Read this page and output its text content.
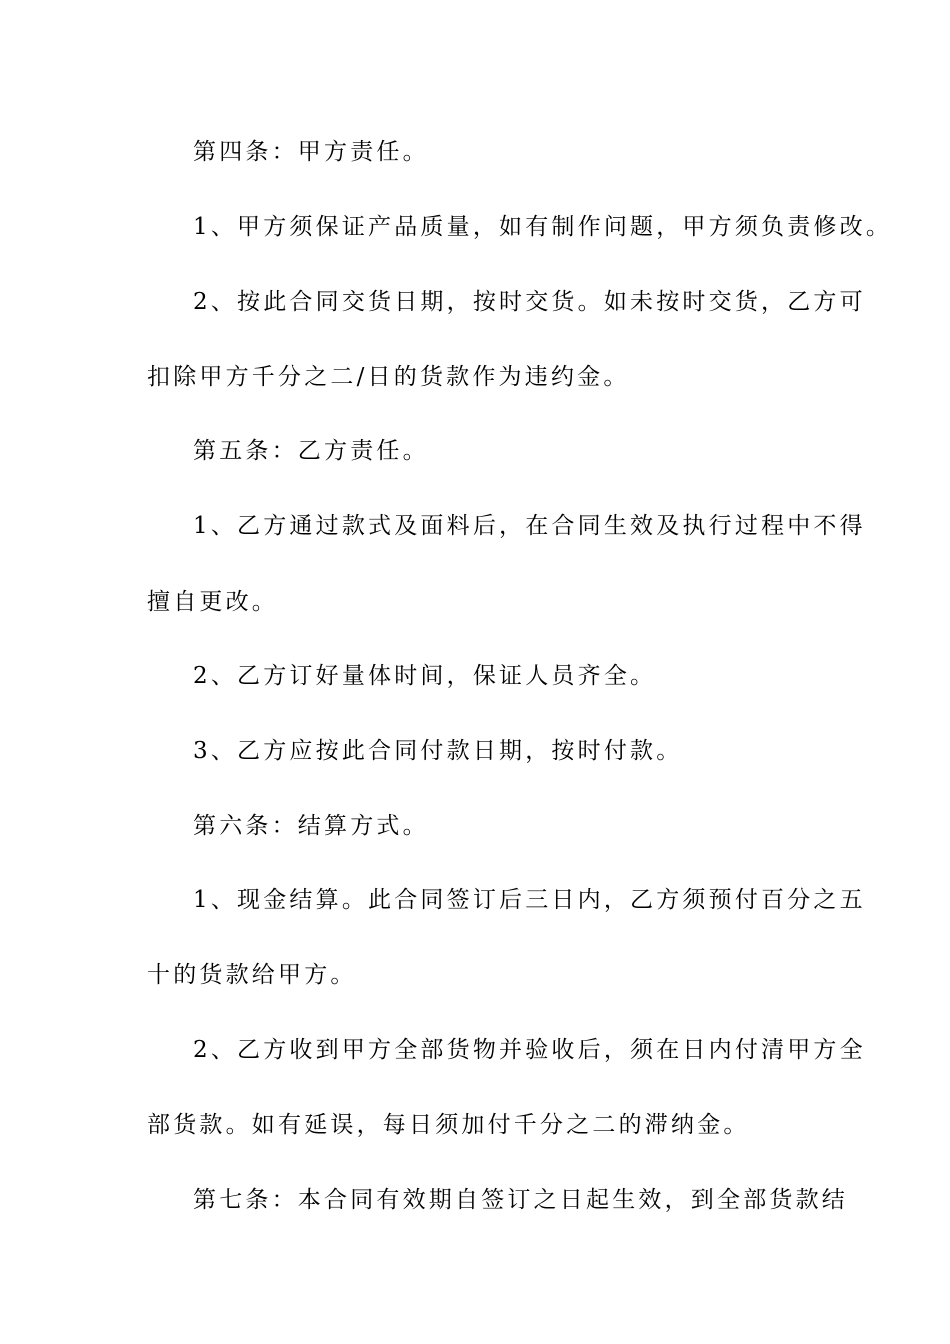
第四条：甲方责任。
1、甲方须保证产品质量，如有制作问题，甲方须负责修改。
2、按此合同交货日期，按时交货。如未按时交货，乙方可
扣除甲方千分之二/日的货款作为违约金。
第五条：乙方责任。
1、乙方通过款式及面料后，在合同生效及执行过程中不得
擅自更改。
2、乙方订好量体时间，保证人员齐全。
3、乙方应按此合同付款日期，按时付款。
第六条：结算方式。
1、现金结算。此合同签订后三日内，乙方须预付百分之五
十的货款给甲方。
2、乙方收到甲方全部货物并验收后，须在日内付清甲方全
部货款。如有延误，每日须加付千分之二的滞纳金。
第七条：本合同有效期自签订之日起生效，到全部货款结
